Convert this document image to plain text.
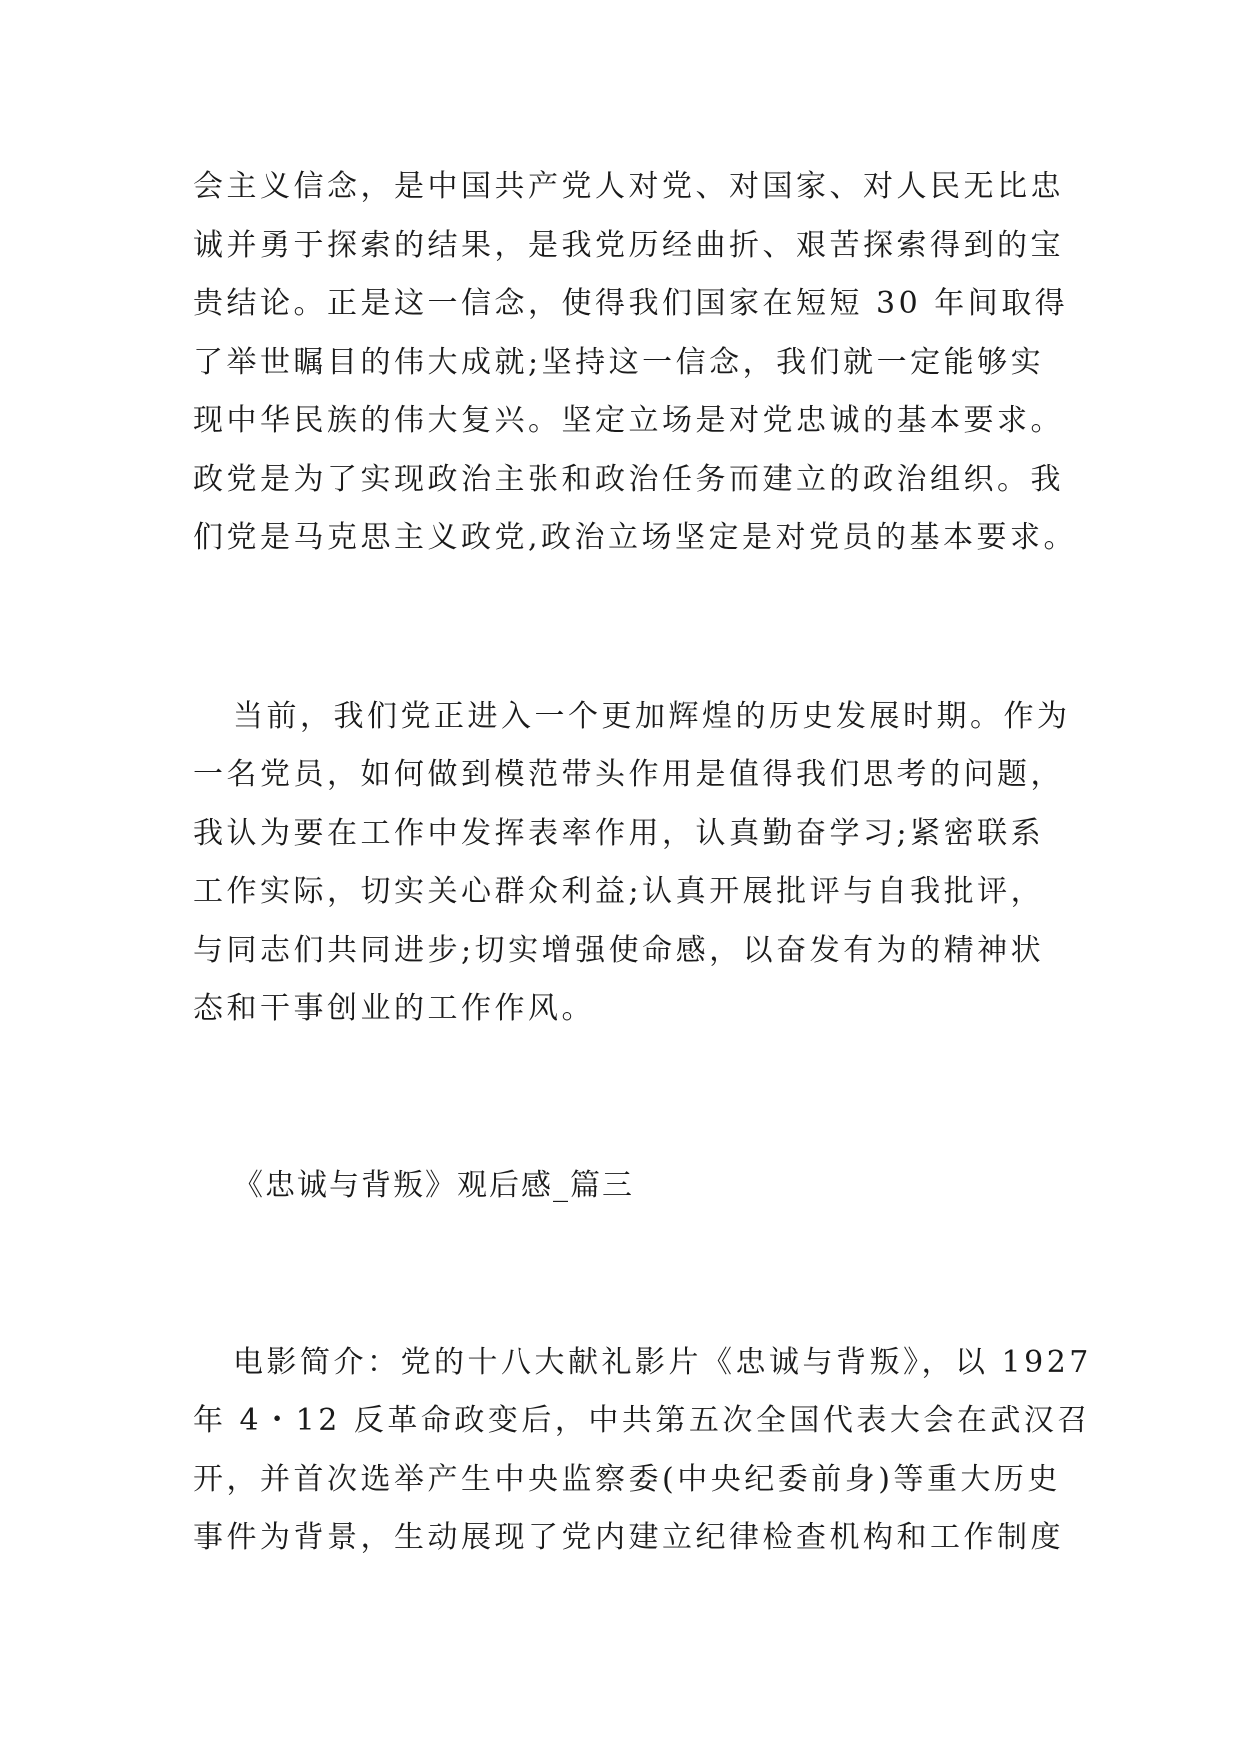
会主义信念，是中国共产党人对党、对国家、对人民无比忠
诚并勇于探索的结果，是我党历经曲折、艰苦探索得到的宝
贵结论。正是这一信念，使得我们国家在短短 30 年间取得
了举世瞩目的伟大成就;坚持这一信念，我们就一定能够实
现中华民族的伟大复兴。坚定立场是对党忠诚的基本要求。
政党是为了实现政治主张和政治任务而建立的政治组织。我
们党是马克思主义政党,政治立场坚定是对党员的基本要求。
当前，我们党正进入一个更加辉煌的历史发展时期。作为
一名党员，如何做到模范带头作用是值得我们思考的问题，
我认为要在工作中发挥表率作用，认真勤奋学习;紧密联系
工作实际，切实关心群众利益;认真开展批评与自我批评，
与同志们共同进步;切实增强使命感，以奋发有为的精神状
态和干事创业的工作作风。
《忠诚与背叛》观后感_篇三
电影简介：党的十八大献礼影片《忠诚与背叛》，以 1927
年 4・12 反革命政变后，中共第五次全国代表大会在武汉召
开，并首次选举产生中央监察委(中央纪委前身)等重大历史
事件为背景，生动展现了党内建立纪律检查机构和工作制度
